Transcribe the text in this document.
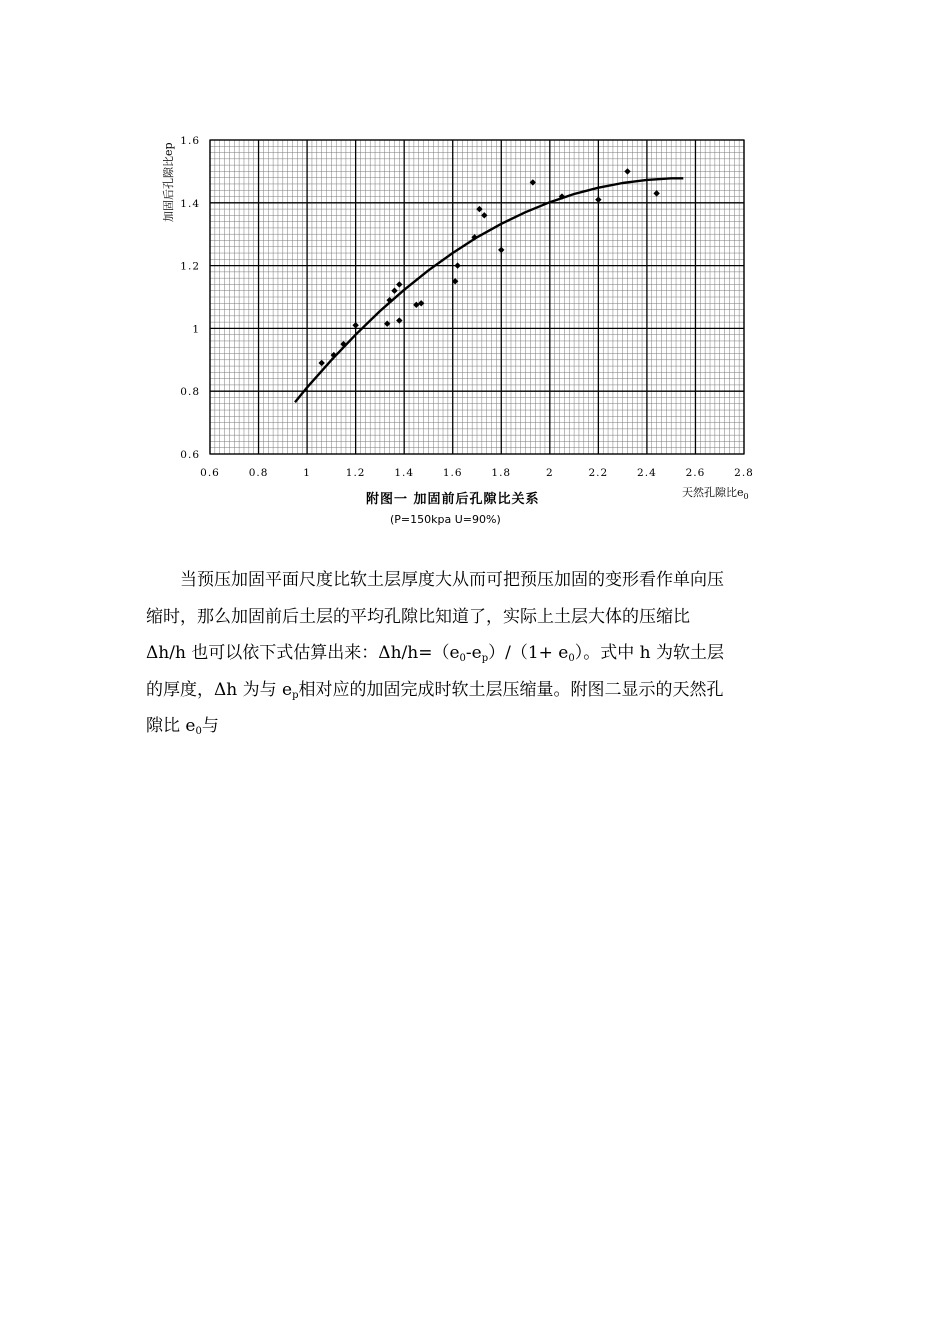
0.6	0.8	1	1.2	1.4	1.6	1.8	2	2.2	2.4	2.6	2.8
0.6
0.8
1
1.2
1.4
1.6
加固后孔隙比ep
天然孔隙比$e_0$
附图一 加固前后孔隙比关系
(P=150kpa U=90%)
当预压加固平面尺度比软土层厚度大从而可把预压加固的变形看作单向压
缩时，那么加固前后土层的平均孔隙比知道了，实际上土层大体的压缩比
Δh/h 也可以依下式估算出来：$\Delta h/h=(e_0-e_p)/(1+ e_0)$。式中 h 为软土层
的厚度，Δh 为与 $e_p$相对应的加固完成时软土层压缩量。附图二显示的天然孔
隙比 $e_0$与
